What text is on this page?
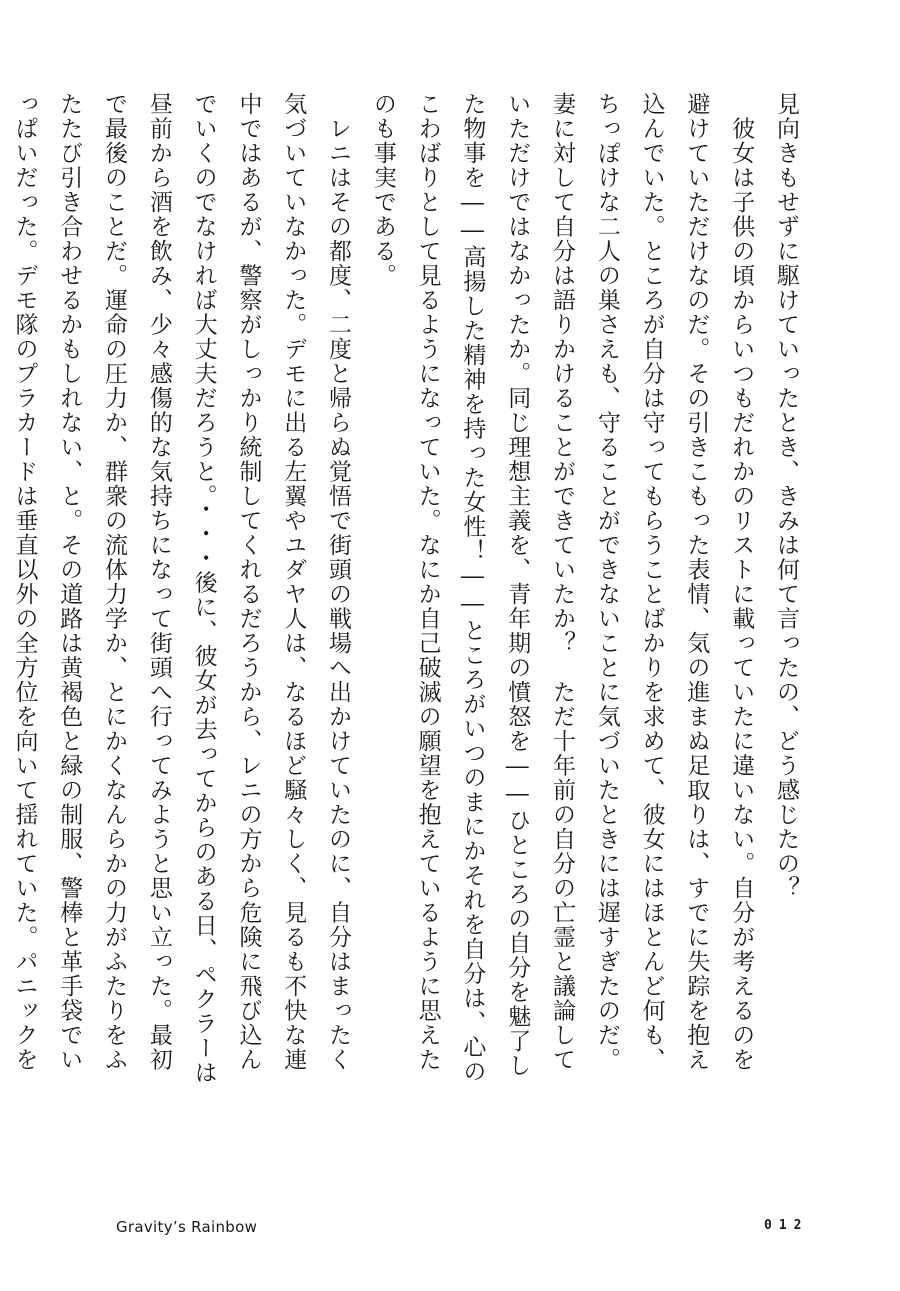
見向きもせずに駆けていったとき、きみは何て言ったの、どう感じたの？

　彼女は子供の頃からいつもだれかのリストに載っていたに違いない。自分が考えるのを

避けていただけなのだ。その引きこもった表情、気の進まぬ足取りは、すでに失踪を抱え

込んでいた。ところが自分は守ってもらうことばかりを求めて、彼女にはほとんど何も、

ちっぽけな二人の巣さえも、守ることができないことに気づいたときには遅すぎたのだ。

妻に対して自分は語りかけることができていたか？　ただ十年前の自分の亡霊と議論して

いただけではなかったか。同じ理想主義を、青年期の憤怒を――ひところの自分を魅了し

た物事を――高揚した精神を持った女性！――ところがいつのまにかそれを自分は、心の

こわばりとして見るようになっていた。なにか自己破滅の願望を抱えているように思えた

のも事実である。

　レニはその都度、二度と帰らぬ覚悟で街頭の戦場へ出かけていたのに、自分はまったく

気づいていなかった。デモに出る左翼やユダヤ人は、なるほど騒々しく、見るも不快な連

中ではあるが、警察がしっかり統制してくれるだろうから、レニの方から危険に飛び込ん

でいくのでなければ大丈夫だろうと。・・・後に、彼女が去ってからのある日、ペクラーは

昼前から酒を飲み、少々感傷的な気持ちになって街頭へ行ってみようと思い立った。最初

で最後のことだ。運命の圧力か、群衆の流体力学か、とにかくなんらかの力がふたりをふ

たたび引き合わせるかもしれない、と。その道路は黄褐色と緑の制服、警棒と革手袋でい

っぱいだった。デモ隊のプラカードは垂直以外の全方位を向いて揺れていた。パニックを

Gravity’s Rainbow	012
